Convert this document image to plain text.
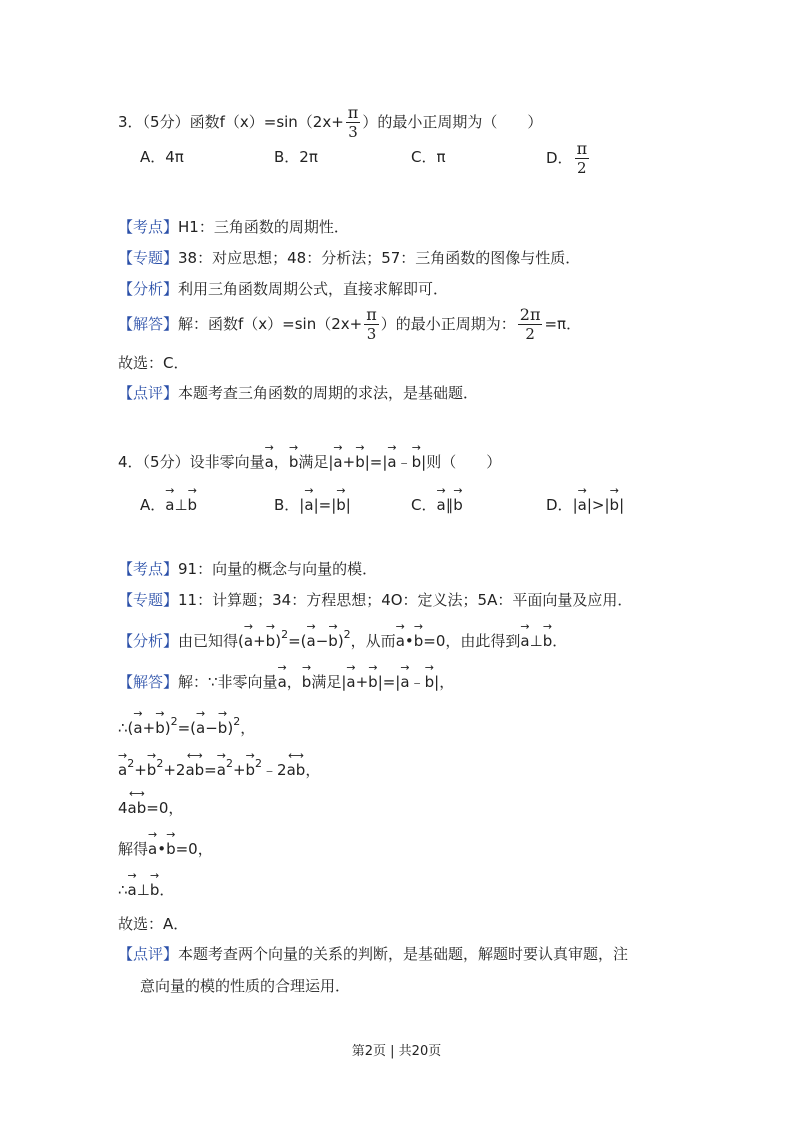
3．（5分）函数$f(x)=\sin(2x+ \frac{\pi}{3}$ ）的最小正周期为（　　）
A．4π	B．2π	C．π	D． $\frac{\pi}{2}$
【考点】H1：三角函数的周期性．
【专题】38：对应思想；48：分析法；57：三角函数的图像与性质．
【分析】利用三角函数周期公式，直接求解即可．
【解答】解：函数$f(x)=\sin(2x+ \frac{\pi}{3}$ ）的最小正周期为： $\frac{2\pi}{2} =\pi$．
故选：C．
【点评】本题考查三角函数的周期的求法，是基础题．
4．（5分）设非零向量→ a，→ b满足|→ a+→ b|=|→ a﹣→ b|则（　　）
A．→ a⊥→ b	B．|→ a|=|→ b|	C．→ a∥→ b	D．|→ a|>|→ b|
【考点】91：向量的概念与向量的模．
【专题】11：计算题；34：方程思想；4O：定义法；5A：平面向量及应用．
【分析】由已知得(→ $a+\to b)^2=(\to a-\to b)^2$，从而→ a•→ b=0，由此得到→ a⊥→ b．
【解答】解：∵非零向量→ a，→ b满足|→ a+→ b|=|→ a﹣→ b|，
∴(→ $a+\to b)^2=(\to a-\to b)^2$，
→ $a^2+\to$ $b^2+2⟷$ $ab=\to a^2+\to$ $b^2﹣2⟷$ ab，
4⟷ ab=0，
解得→ a•→ b=0，
∴→ a⊥→ b．
故选：A．
【点评】本题考查两个向量的关系的判断，是基础题，解题时要认真审题，注
意向量的模的性质的合理运用．
第2页 | 共20页
